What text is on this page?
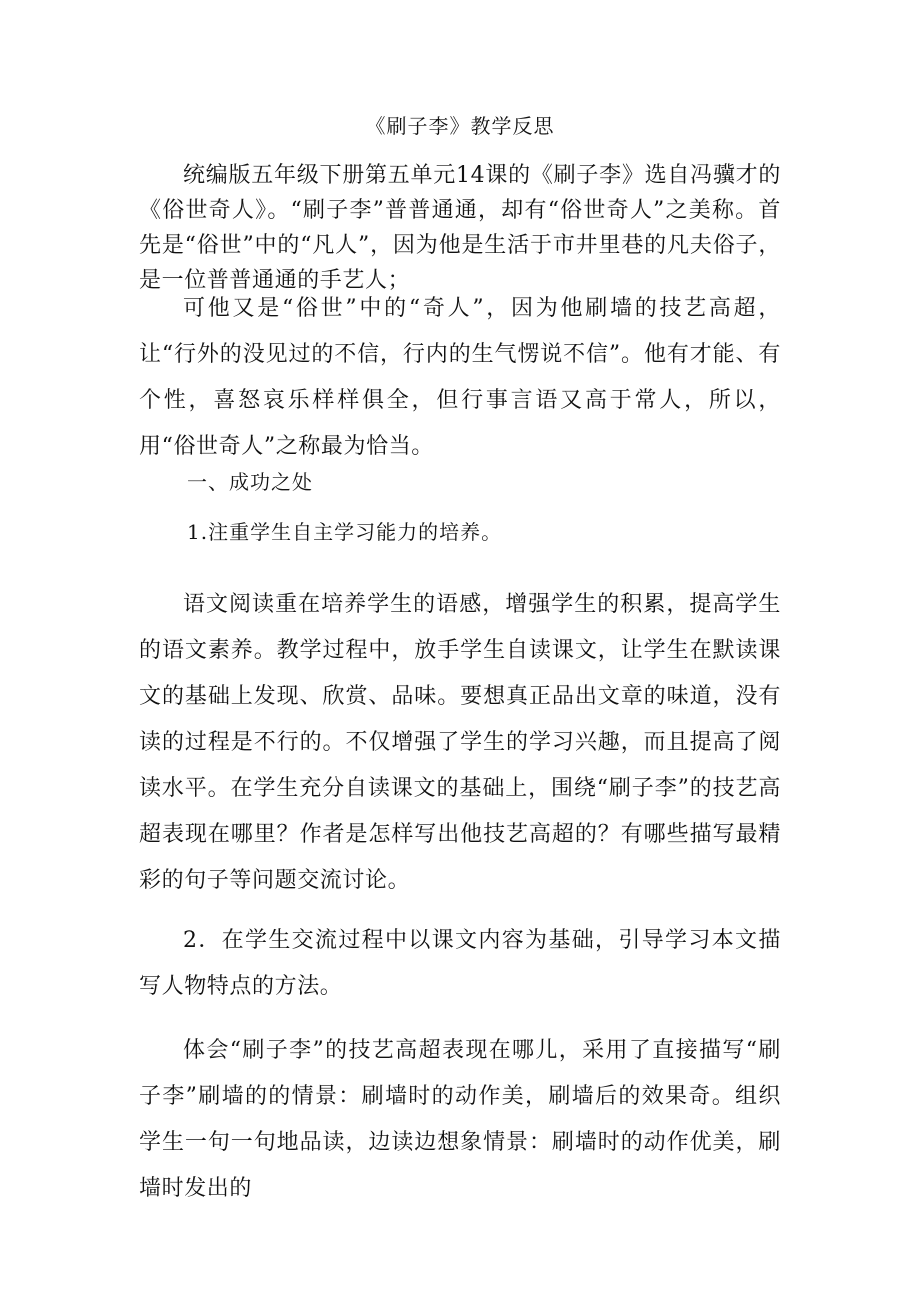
《刷子李》教学反思

统编版五年级下册第五单元14课的《刷子李》选自冯骥才的《俗世奇人》。“刷子李”普普通通，却有“俗世奇人”之美称。首先是“俗世”中的“凡人”，因为他是生活于市井里巷的凡夫俗子，是一位普普通通的手艺人；

可他又是“俗世”中的“奇人”，因为他刷墙的技艺高超，让“行外的没见过的不信，行内的生气愣说不信”。他有才能、有个性，喜怒哀乐样样俱全，但行事言语又高于常人，所以，用“俗世奇人”之称最为恰当。

一、成功之处

1.注重学生自主学习能力的培养。

语文阅读重在培养学生的语感，增强学生的积累，提高学生的语文素养。教学过程中，放手学生自读课文，让学生在默读课文的基础上发现、欣赏、品味。要想真正品出文章的味道，没有读的过程是不行的。不仅增强了学生的学习兴趣，而且提高了阅读水平。在学生充分自读课文的基础上，围绕“刷子李”的技艺高超表现在哪里？作者是怎样写出他技艺高超的？有哪些描写最精彩的句子等问题交流讨论。

2．在学生交流过程中以课文内容为基础，引导学习本文描写人物特点的方法。

体会“刷子李”的技艺高超表现在哪儿，采用了直接描写“刷子李”刷墙的的情景：刷墙时的动作美，刷墙后的效果奇。组织学生一句一句地品读，边读边想象情景：刷墙时的动作优美，刷墙时发出的
